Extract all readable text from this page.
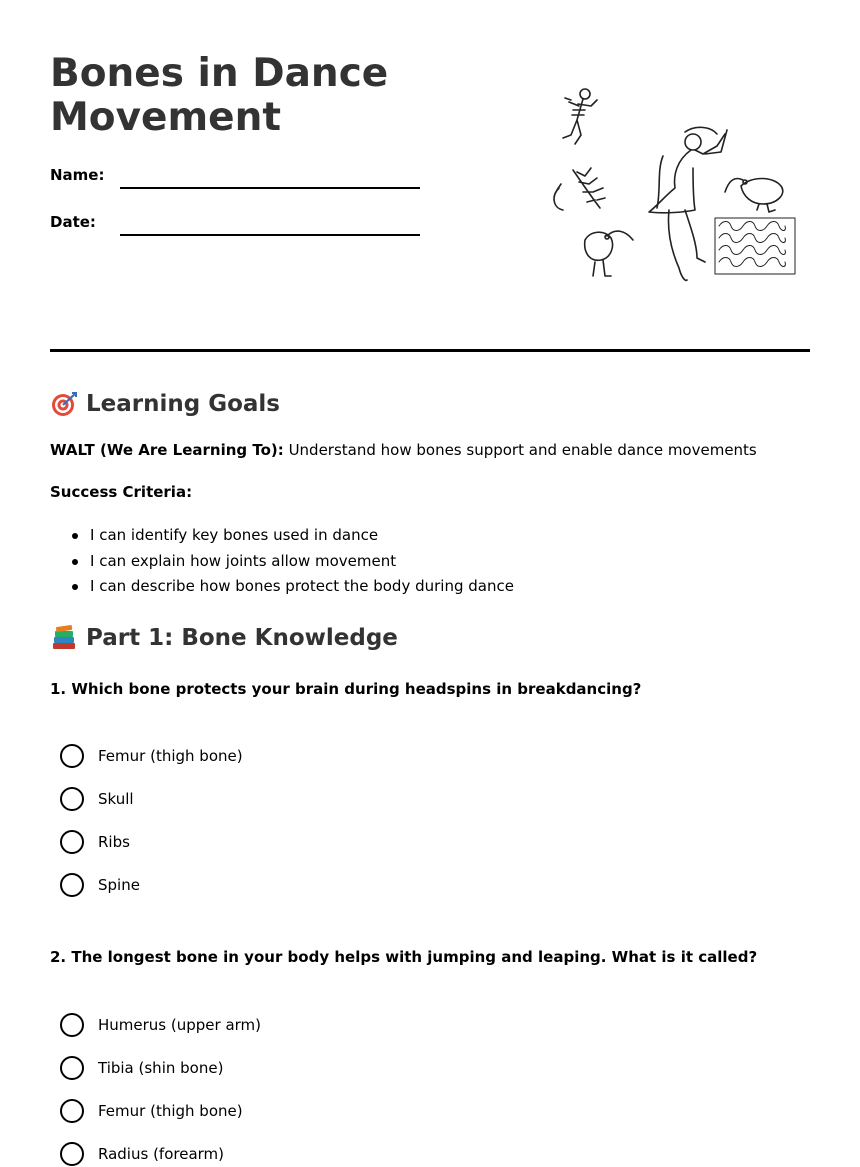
Bones in Dance
Movement
Name:
Date:
Learning Goals

WALT (We Are Learning To): Understand how bones support and enable dance movements

Success Criteria:

I can identify key bones used in dance
I can explain how joints allow movement
I can describe how bones protect the body during dance
Part 1: Bone Knowledge

1. Which bone protects your brain during headspins in breakdancing?

Femur (thigh bone)
Skull
Ribs
Spine

2. The longest bone in your body helps with jumping and leaping. What is it called?

Humerus (upper arm)
Tibia (shin bone)
Femur (thigh bone)
Radius (forearm)
